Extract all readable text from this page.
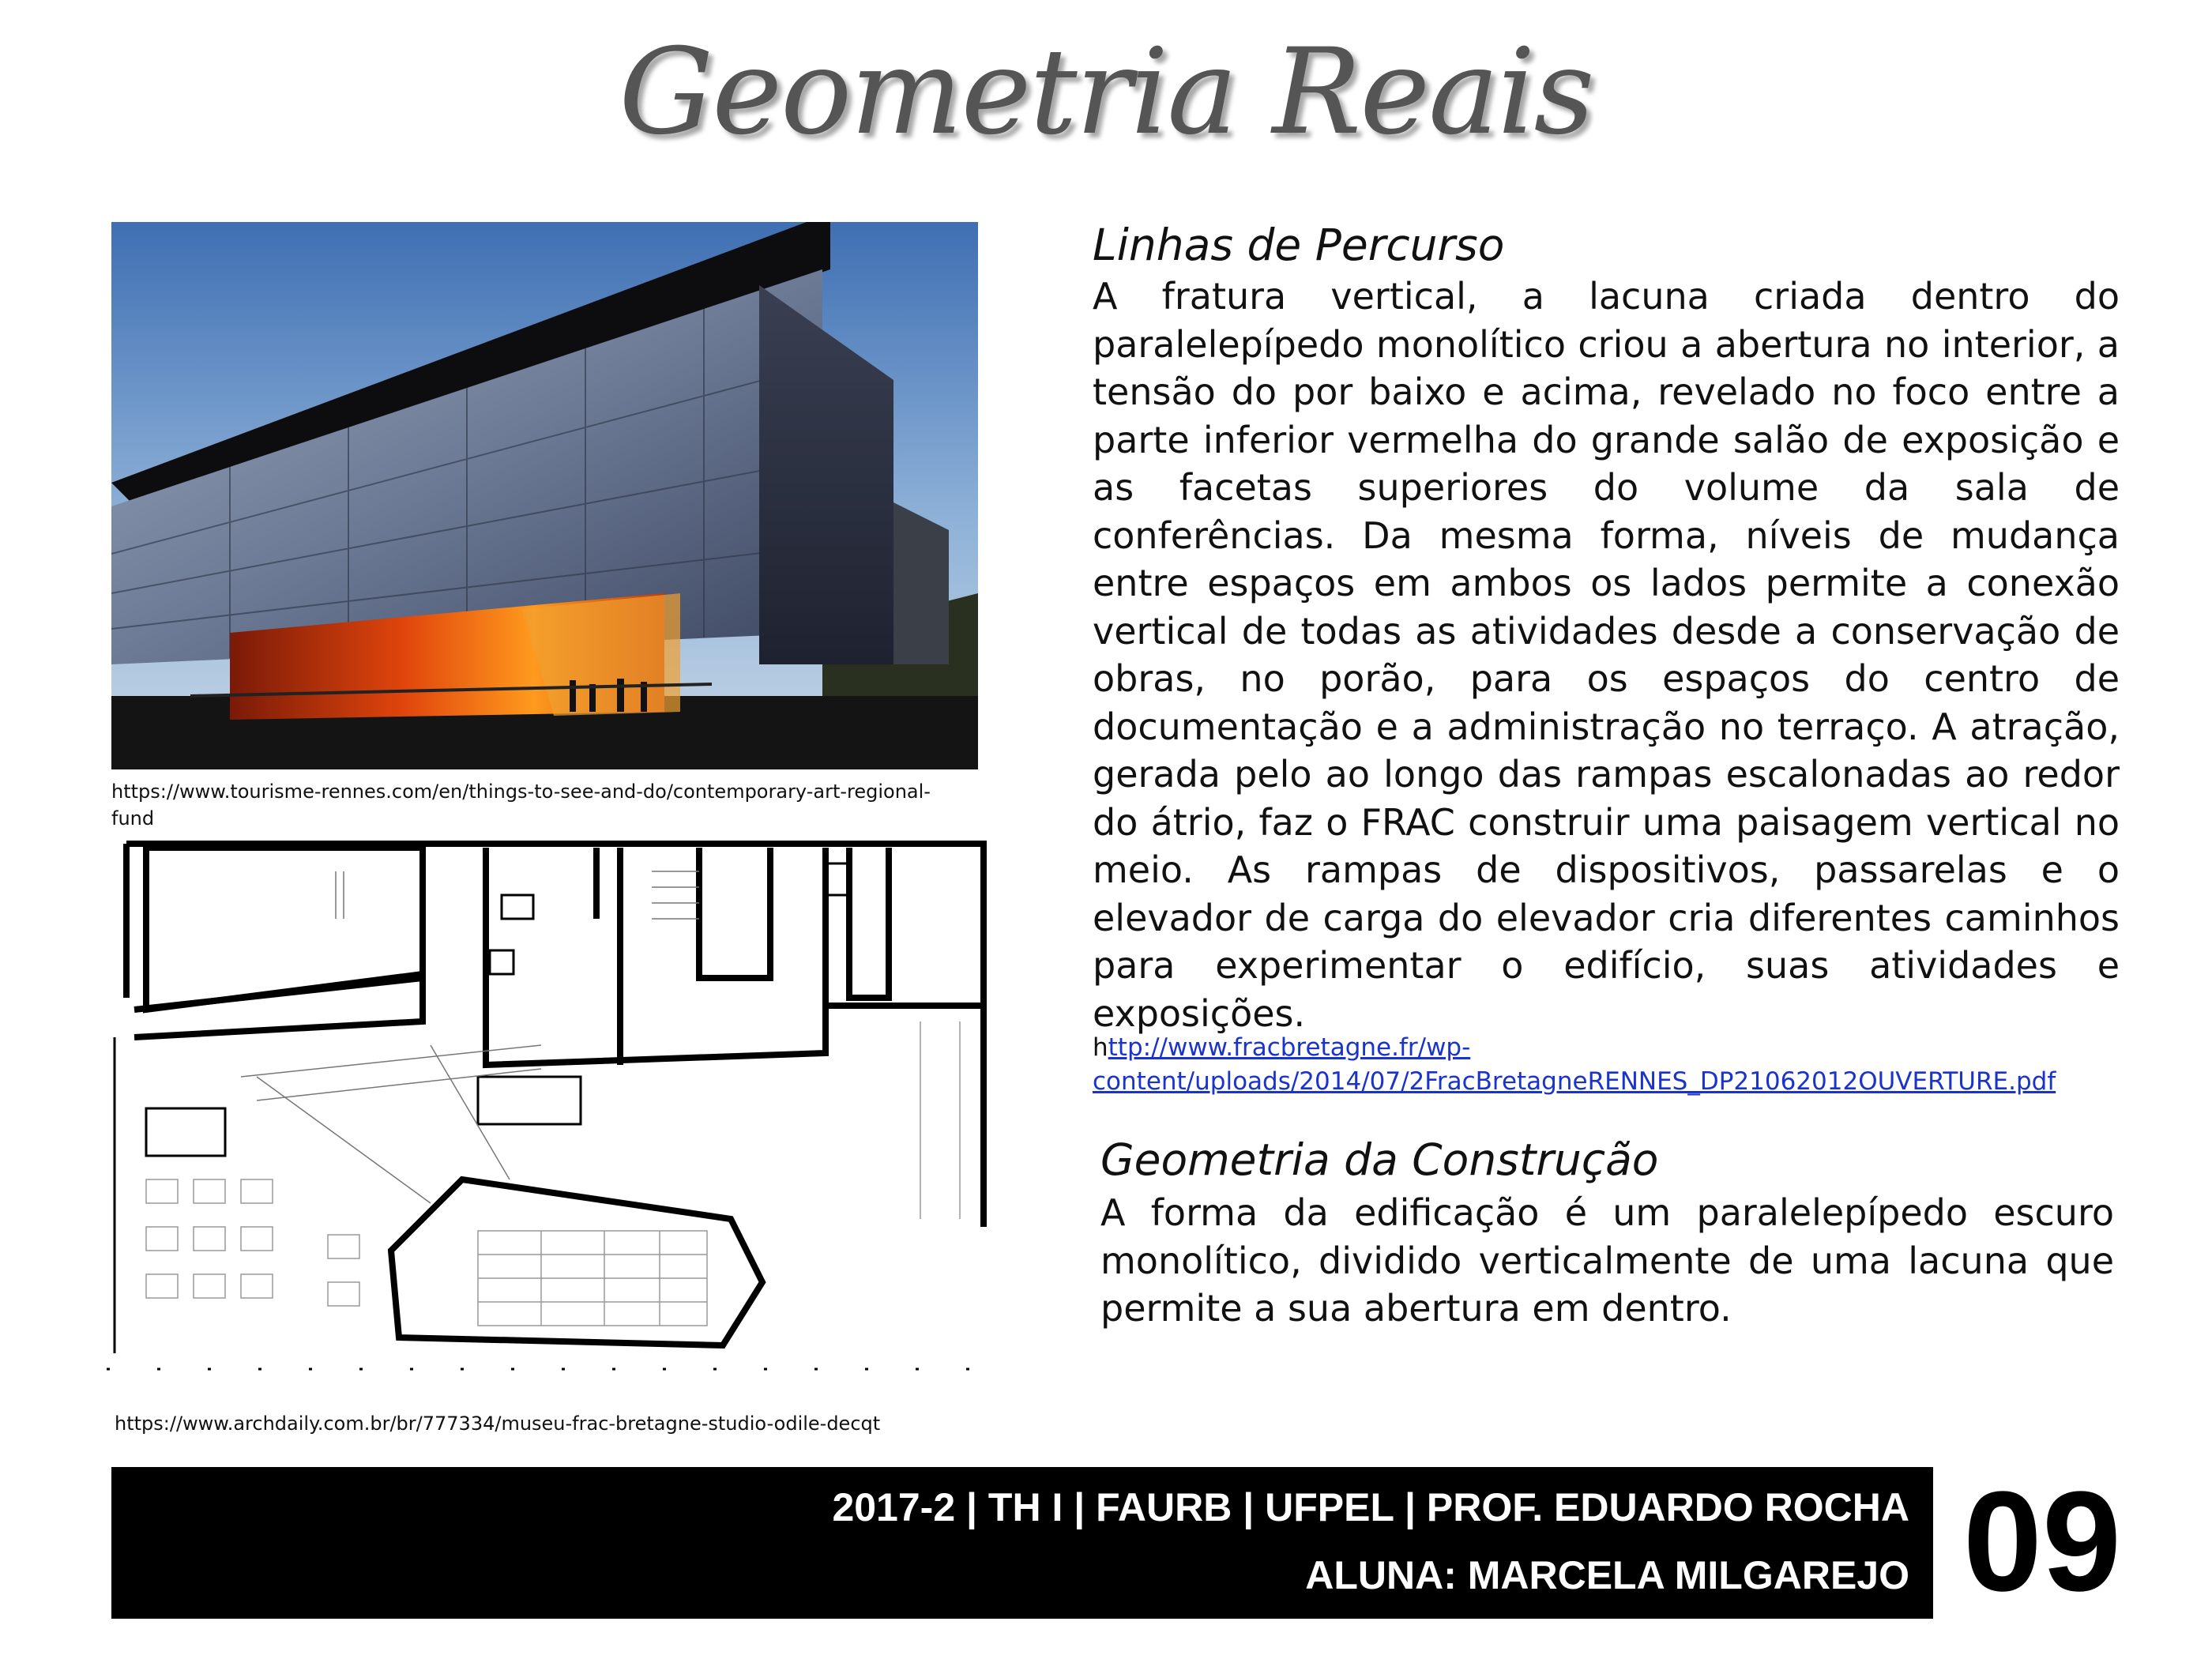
Geometria Reais
https://www.tourisme-rennes.com/en/things-to-see-and-do/contemporary-art-regional-fund
https://www.archdaily.com.br/br/777334/museu-frac-bretagne-studio-odile-decqt
Linhas de Percurso
A fratura vertical, a lacuna criada dentro do paralelepípedo monolítico criou a abertura no interior, a tensão do por baixo e acima, revelado no foco entre a parte inferior vermelha do grande salão de exposição e as facetas superiores do volume da sala de conferências. Da mesma forma, níveis de mudança entre espaços em ambos os lados permite a conexão vertical de todas as atividades desde a conservação de obras, no porão, para os espaços do centro de documentação e a administração no terraço. A atração, gerada pelo ao longo das rampas escalonadas ao redor do átrio, faz o FRAC construir uma paisagem vertical no meio. As rampas de dispositivos, passarelas e o elevador de carga do elevador cria diferentes caminhos para experimentar o edifício, suas atividades e exposições.
http://www.fracbretagne.fr/wp-content/uploads/2014/07/2FracBretagneRENNES_DP21062012OUVERTURE.pdf
Geometria da Construção
A forma da edificação é um paralelepípedo escuro monolítico, dividido verticalmente de uma lacuna que permite a sua abertura em dentro.
2017-2 | TH I | FAURB | UFPEL | PROF. EDUARDO ROCHA
ALUNA: MARCELA MILGAREJO 09
